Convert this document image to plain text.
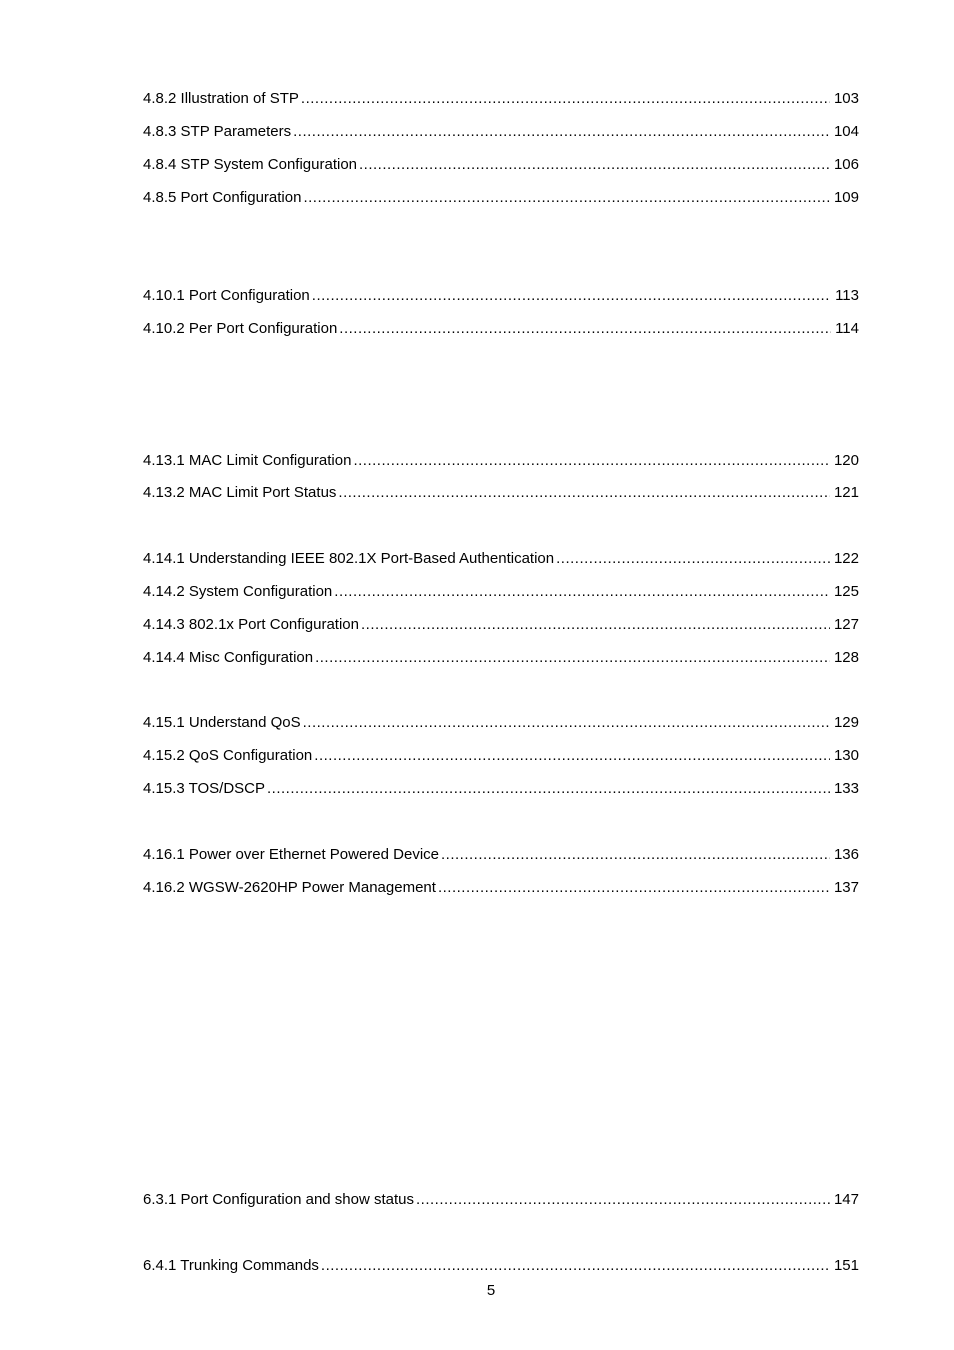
4.8.2 Illustration of STP .....	103
4.8.3 STP Parameters .....	104
4.8.4 STP System Configuration .....	106
4.8.5 Port Configuration .....	109
4.10.1 Port Configuration .....	113
4.10.2 Per Port Configuration .....	114
4.13.1 MAC Limit Configuration .....	120
4.13.2 MAC Limit Port Status .....	121
4.14.1 Understanding IEEE 802.1X Port-Based Authentication .....	122
4.14.2 System Configuration .....	125
4.14.3 802.1x Port Configuration .....	127
4.14.4 Misc Configuration .....	128
4.15.1 Understand QoS .....	129
4.15.2 QoS Configuration .....	130
4.15.3 TOS/DSCP .....	133
4.16.1 Power over Ethernet Powered Device .....	136
4.16.2 WGSW-2620HP Power Management .....	137
6.3.1 Port Configuration and show status .....	147
6.4.1 Trunking Commands .....	151
5
